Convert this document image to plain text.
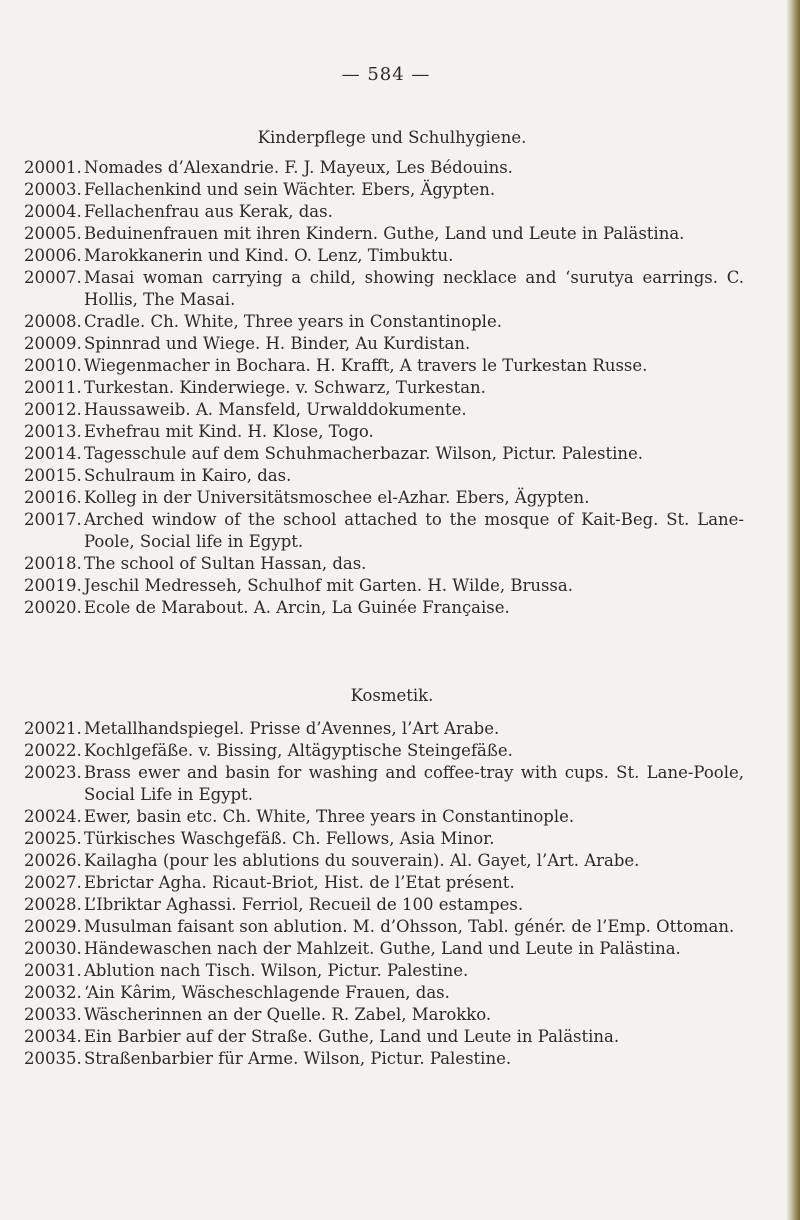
— 584 —
Kinderpflege und Schulhygiene.
20001. Nomades d’Alexandrie. F. J. Mayeux, Les Bédouins.
20003. Fellachenkind und sein Wächter. Ebers, Ägypten.
20004. Fellachenfrau aus Kerak, das.
20005. Beduinenfrauen mit ihren Kindern. Guthe, Land und Leute in Palästina.
20006. Marokkanerin und Kind. O. Lenz, Timbuktu.
20007. Masai woman carrying a child, showing necklace and ‘surutya earrings. C. Hollis, The Masai.
20008. Cradle. Ch. White, Three years in Constantinople.
20009. Spinnrad und Wiege. H. Binder, Au Kurdistan.
20010. Wiegenmacher in Bochara. H. Krafft, A travers le Turkestan Russe.
20011. Turkestan. Kinderwiege. v. Schwarz, Turkestan.
20012. Haussaweib. A. Mansfeld, Urwalddokumente.
20013. Evhefrau mit Kind. H. Klose, Togo.
20014. Tagesschule auf dem Schuhmacherbazar. Wilson, Pictur. Palestine.
20015. Schulraum in Kairo, das.
20016. Kolleg in der Universitätsmoschee el-Azhar. Ebers, Ägypten.
20017. Arched window of the school attached to the mosque of Kait-Beg. St. Lane-Poole, Social life in Egypt.
20018. The school of Sultan Hassan, das.
20019. Jeschil Medresseh, Schulhof mit Garten. H. Wilde, Brussa.
20020. Ecole de Marabout. A. Arcin, La Guinée Française.
Kosmetik.
20021. Metallhandspiegel. Prisse d’Avennes, l’Art Arabe.
20022. Kochlgefäße. v. Bissing, Altägyptische Steingefäße.
20023. Brass ewer and basin for washing and coffee-tray with cups. St. Lane-Poole, Social Life in Egypt.
20024. Ewer, basin etc. Ch. White, Three years in Constantinople.
20025. Türkisches Waschgefäß. Ch. Fellows, Asia Minor.
20026. Kailagha (pour les ablutions du souverain). Al. Gayet, l’Art. Arabe.
20027. Ebrictar Agha. Ricaut-Briot, Hist. de l’Etat présent.
20028. L’Ibriktar Aghassi. Ferriol, Recueil de 100 estampes.
20029. Musulman faisant son ablution. M. d’Ohsson, Tabl. génér. de l’Emp. Ottoman.
20030. Händewaschen nach der Mahlzeit. Guthe, Land und Leute in Palästina.
20031. Ablution nach Tisch. Wilson, Pictur. Palestine.
20032. ‘Ain Kârim, Wäscheschlagende Frauen, das.
20033. Wäscherinnen an der Quelle. R. Zabel, Marokko.
20034. Ein Barbier auf der Straße. Guthe, Land und Leute in Palästina.
20035. Straßenbarbier für Arme. Wilson, Pictur. Palestine.
